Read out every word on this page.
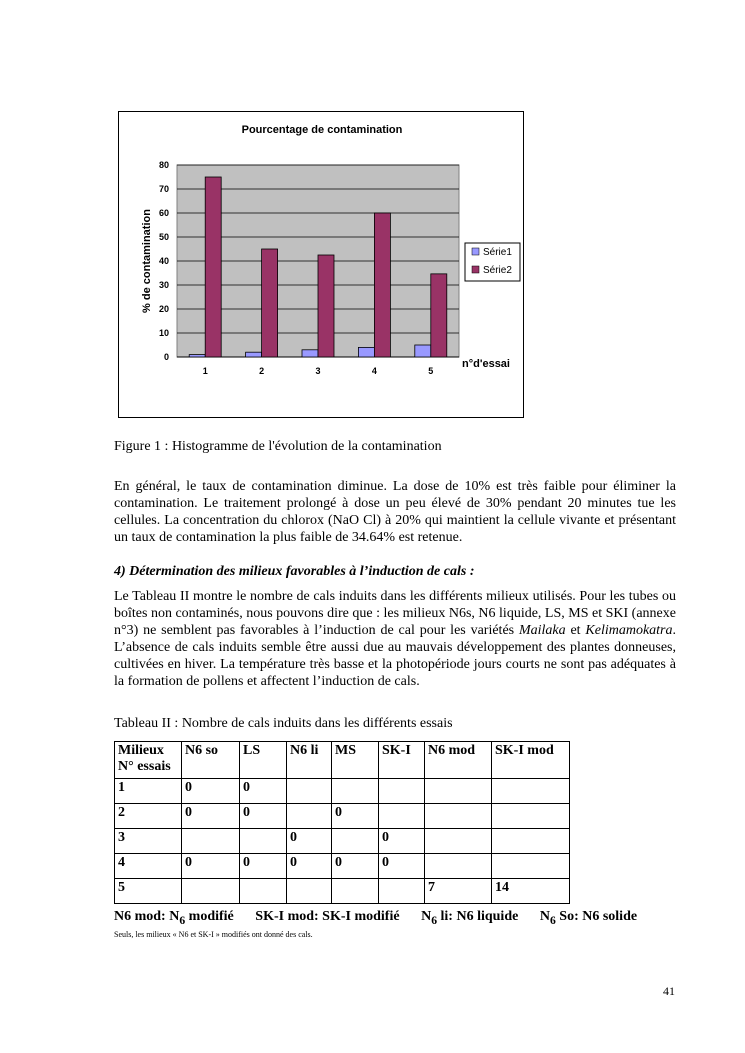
Pourcentage de contamination
0
10
20
30
40
50
60
70
80
1	2	3	4	5
% de contamination
n°d'essai
Série1
Série2
Figure 1 : Histogramme de l'évolution de la contamination

En général, le taux de contamination diminue. La dose de 10% est très faible pour éliminer la contamination. Le traitement prolongé à dose un peu élevé de 30% pendant 20 minutes tue les cellules. La concentration du chlorox (NaO Cl) à 20% qui maintient la cellule vivante et présentant un taux de contamination la plus faible de 34.64% est retenue.

4) Détermination des milieux favorables à l’induction de cals :

Le Tableau II montre le nombre de cals induits dans les différents milieux utilisés. Pour les tubes ou boîtes non contaminés, nous pouvons dire que : les milieux N6s, N6 liquide, LS, MS et SKI (annexe n°3) ne semblent pas favorables à l’induction de cal pour les variétés Mailaka et Kelimamokatra. L’absence de cals induits semble être aussi due au mauvais développement des plantes donneuses, cultivées en hiver. La température très basse et la photopériode jours courts ne sont pas adéquates à la formation de pollens et affectent l’induction de cals.

Tableau II : Nombre de cals induits dans les différents essais
Milieux
N° essais	N6 so	LS	N6 li	MS	SK-I	N6 mod	SK-I mod
1	0	0					
2	0	0		0			
3			0		0		
4	0	0	0	0	0		
5						7	14
N6 mod: $N_6$ modifié SK-I mod: SK-I modifié $N_6$ li: N6 liquide $N_6$ So: N6 solide
Seuls, les milieux « N6 et SK-I » modifiés ont donné des cals.
41
